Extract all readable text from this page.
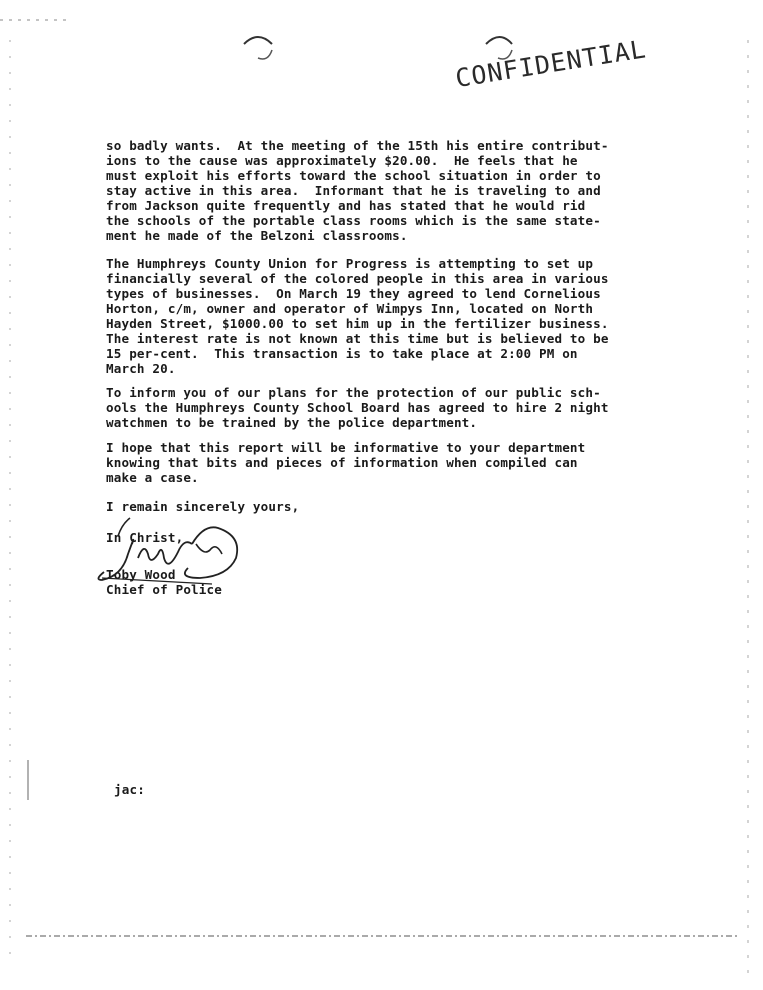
CONFIDENTIAL
so badly wants.  At the meeting of the 15th his entire contribut-
ions to the cause was approximately $20.00.  He feels that he
must exploit his efforts toward the school situation in order to
stay active in this area.  Informant that he is traveling to and
from Jackson quite frequently and has stated that he would rid
the schools of the portable class rooms which is the same state-
ment he made of the Belzoni classrooms.
The Humphreys County Union for Progress is attempting to set up
financially several of the colored people in this area in various
types of businesses.  On March 19 they agreed to lend Cornelious
Horton, c/m, owner and operator of Wimpys Inn, located on North
Hayden Street, $1000.00 to set him up in the fertilizer business.
The interest rate is not known at this time but is believed to be
15 per-cent.  This transaction is to take place at 2:00 PM on
March 20.
To inform you of our plans for the protection of our public sch-
ools the Humphreys County School Board has agreed to hire 2 night
watchmen to be trained by the police department.
I hope that this report will be informative to your department
knowing that bits and pieces of information when compiled can
make a case.
I remain sincerely yours,
In Christ,
Toby Wood
Chief of Police
jac:
